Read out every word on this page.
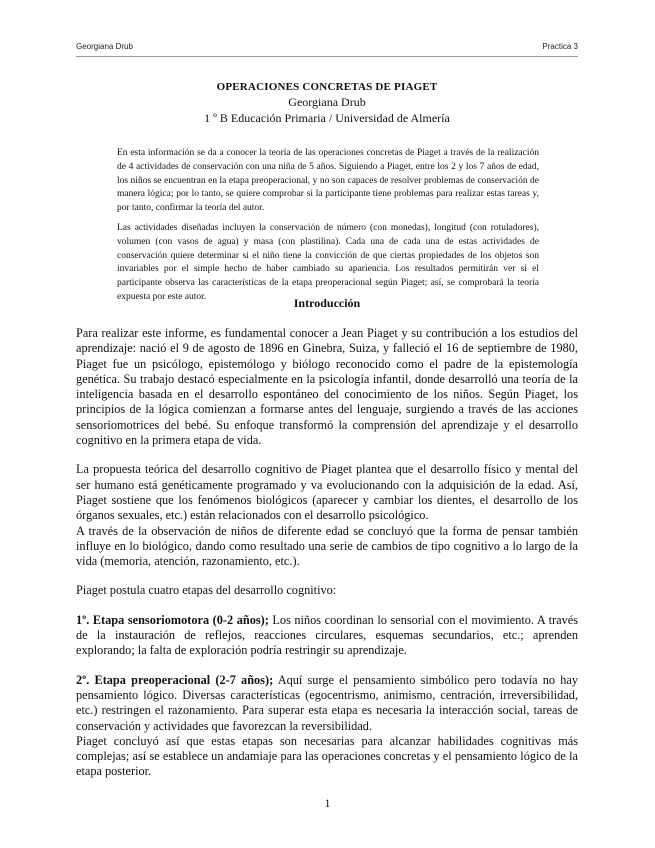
Georgiana Drub	Practica 3

OPERACIONES CONCRETAS DE PIAGET

Georgiana Drub

1 º B Educación Primaria / Universidad de Almería

En esta información se da a conocer la teoría de las operaciones concretas de Piaget a través de la realización de 4 actividades de conservación con una niña de 5 años. Siguiendo a Piaget, entre los 2 y los 7 años de edad, los niños se encuentran en la etapa preoperacional, y no son capaces de resolver problemas de conservación de manera lógica; por lo tanto, se quiere comprobar si la participante tiene problemas para realizar estas tareas y, por tanto, confirmar la teoría del autor.

Las actividades diseñadas incluyen la conservación de número (con monedas), longitud (con rotuladores), volumen (con vasos de agua) y masa (con plastilina). Cada una de cada una de estas actividades de conservación quiere determinar si el niño tiene la convicción de que ciertas propiedades de los objetos son invariables por el simple hecho de haber cambiado su apariencia. Los resultados permitirán ver si el participante observa las características de la etapa preoperacional según Piaget; así, se comprobará la teoría expuesta por este autor.	Introducción

Para realizar este informe, es fundamental conocer a Jean Piaget y su contribución a los estudios del aprendizaje: nació el 9 de agosto de 1896 en Ginebra, Suiza, y falleció el 16 de septiembre de 1980, Piaget fue un psicólogo, epistemólogo y biólogo reconocido como el padre de la epistemología genética. Su trabajo destacó especialmente en la psicología infantil, donde desarrolló una teoría de la inteligencia basada en el desarrollo espontáneo del conocimiento de los niños. Según Piaget, los principios de la lógica comienzan a formarse antes del lenguaje, surgiendo a través de las acciones sensoriomotrices del bebé. Su enfoque transformó la comprensión del aprendizaje y el desarrollo cognitivo en la primera etapa de vida.

La propuesta teórica del desarrollo cognitivo de Piaget plantea que el desarrollo físico y mental del ser humano está genéticamente programado y va evolucionando con la adquisición de la edad. Así, Piaget sostiene que los fenómenos biológicos (aparecer y cambiar los dientes, el desarrollo de los órganos sexuales, etc.) están relacionados con el desarrollo psicológico.

A través de la observación de niños de diferente edad se concluyó que la forma de pensar también influye en lo biológico, dando como resultado una serie de cambios de tipo cognitivo a lo largo de la vida (memoria, atención, razonamiento, etc.).

Piaget postula cuatro etapas del desarrollo cognitivo:

1º. Etapa sensoriomotora (0-2 años); Los niños coordinan lo sensorial con el movimiento. A través de la instauración de reflejos, reacciones circulares, esquemas secundarios, etc.; aprenden explorando; la falta de exploración podría restringir su aprendizaje.

2º. Etapa preoperacional (2-7 años); Aquí surge el pensamiento simbólico pero todavía no hay pensamiento lógico. Diversas características (egocentrismo, animismo, centración, irreversibilidad, etc.) restringen el razonamiento. Para superar esta etapa es necesaria la interacción social, tareas de conservación y actividades que favorezcan la reversibilidad.

Piaget concluyó así que estas etapas son necesarias para alcanzar habilidades cognitivas más complejas; así se establece un andamiaje para las operaciones concretas y el pensamiento lógico de la etapa posterior.

1
